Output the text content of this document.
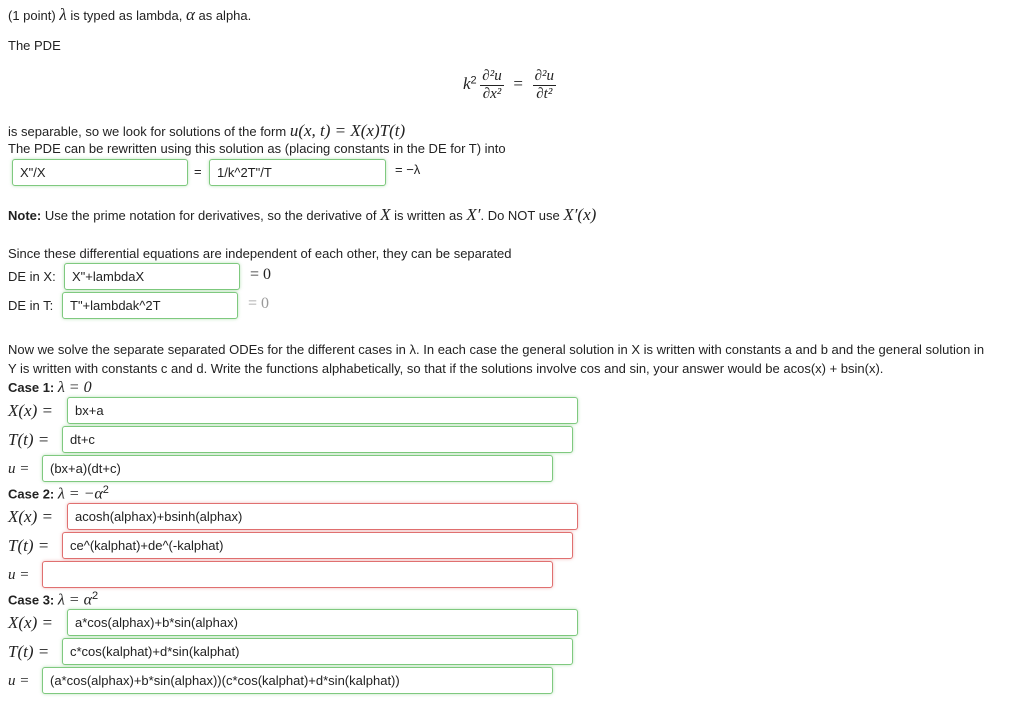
(1 point) λ is typed as lambda, α as alpha.
The PDE
$k^2 \frac{\text{∂²u}}{\text{∂x²}} = \frac{\text{∂²u}}{\text{∂t²}}$
is separable, so we look for solutions of the form u(x, t) = X(x)T(t)
The PDE can be rewritten using this solution as (placing constants in the DE for T) into
X"/X	=	1/k^2T"/T	= −λ
Note: Use the prime notation for derivatives, so the derivative of X is written as X′. Do NOT use X′(x)
Since these differential equations are independent of each other, they can be separated
DE in X:	X"+lambdaX	= 0
DE in T:	T"+lambdak^2T	= 0
Now we solve the separate separated ODEs for the different cases in λ. In each case the general solution in X is written with constants a and b and the general solution in
Y is written with constants c and d. Write the functions alphabetically, so that if the solutions involve cos and sin, your answer would be acos(x) + bsin(x).
Case 1: λ = 0
X(x) =	bx+a
T(t) =	dt+c
u =	(bx+a)(dt+c)
Case 2: $\lambda = -\alpha^2$
X(x) =	acosh(alphax)+bsinh(alphax)
T(t) =	ce^(kalphat)+de^(-kalphat)
u =
Case 3: $\lambda = \alpha^2$
X(x) =	a*cos(alphax)+b*sin(alphax)
T(t) =	c*cos(kalphat)+d*sin(kalphat)
u =	(a*cos(alphax)+b*sin(alphax))(c*cos(kalphat)+d*sin(kalphat))
